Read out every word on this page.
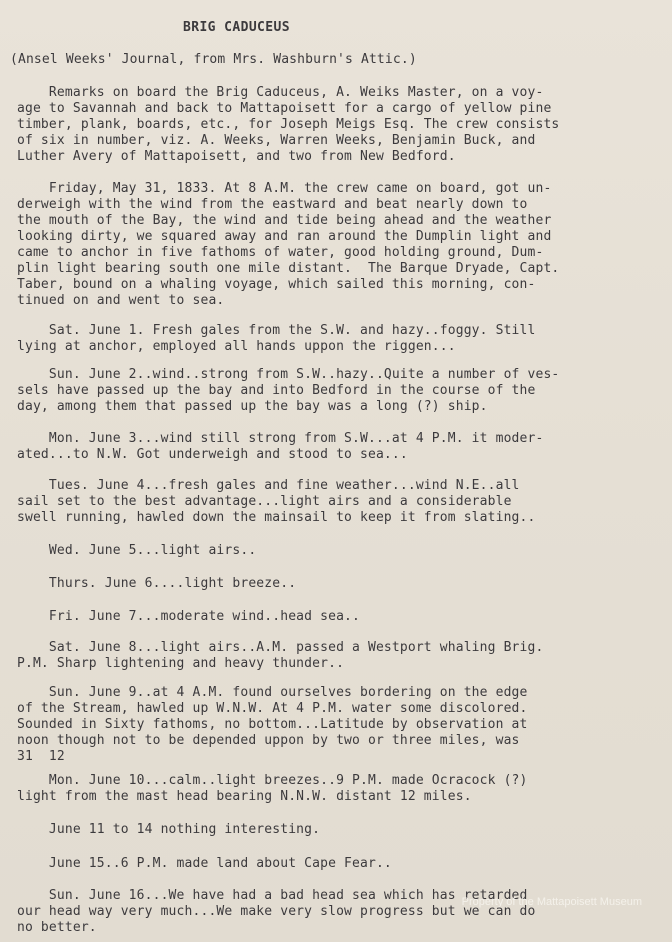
BRIG CADUCEUS
(Ansel Weeks' Journal, from Mrs. Washburn's Attic.)

Remarks on board the Brig Caduceus, A. Weiks Master, on a voy-
age to Savannah and back to Mattapoisett for a cargo of yellow pine
timber, plank, boards, etc., for Joseph Meigs Esq. The crew consists
of six in number, viz. A. Weeks, Warren Weeks, Benjamin Buck, and
Luther Avery of Mattapoisett, and two from New Bedford.

Friday, May 31, 1833. At 8 A.M. the crew came on board, got un-
derweigh with the wind from the eastward and beat nearly down to
the mouth of the Bay, the wind and tide being ahead and the weather
looking dirty, we squared away and ran around the Dumplin light and
came to anchor in five fathoms of water, good holding ground, Dum-
plin light bearing south one mile distant.  The Barque Dryade, Capt.
Taber, bound on a whaling voyage, which sailed this morning, con-
tinued on and went to sea.

Sat. June 1. Fresh gales from the S.W. and hazy..foggy. Still
lying at anchor, employed all hands uppon the riggen...

Sun. June 2..wind..strong from S.W..hazy..Quite a number of ves-
sels have passed up the bay and into Bedford in the course of the
day, among them that passed up the bay was a long (?) ship.

Mon. June 3...wind still strong from S.W...at 4 P.M. it moder-
ated...to N.W. Got underweigh and stood to sea...

Tues. June 4...fresh gales and fine weather...wind N.E..all
sail set to the best advantage...light airs and a considerable
swell running, hawled down the mainsail to keep it from slating..

Wed. June 5...light airs..

Thurs. June 6....light breeze..

Fri. June 7...moderate wind..head sea..

Sat. June 8...light airs..A.M. passed a Westport whaling Brig.
P.M. Sharp lightening and heavy thunder..

Sun. June 9..at 4 A.M. found ourselves bordering on the edge
of the Stream, hawled up W.N.W. At 4 P.M. water some discolored.
Sounded in Sixty fathoms, no bottom...Latitude by observation at
noon though not to be depended uppon by two or three miles, was
31  12

Mon. June 10...calm..light breezes..9 P.M. made Ocracock (?)
light from the mast head bearing N.N.W. distant 12 miles.

June 11 to 14 nothing interesting.

June 15..6 P.M. made land about Cape Fear..

Sun. June 16...We have had a bad head sea which has retarded
our head way very much...We make very slow progress but we can do
no better.

Property of the Mattapoisett Museum
